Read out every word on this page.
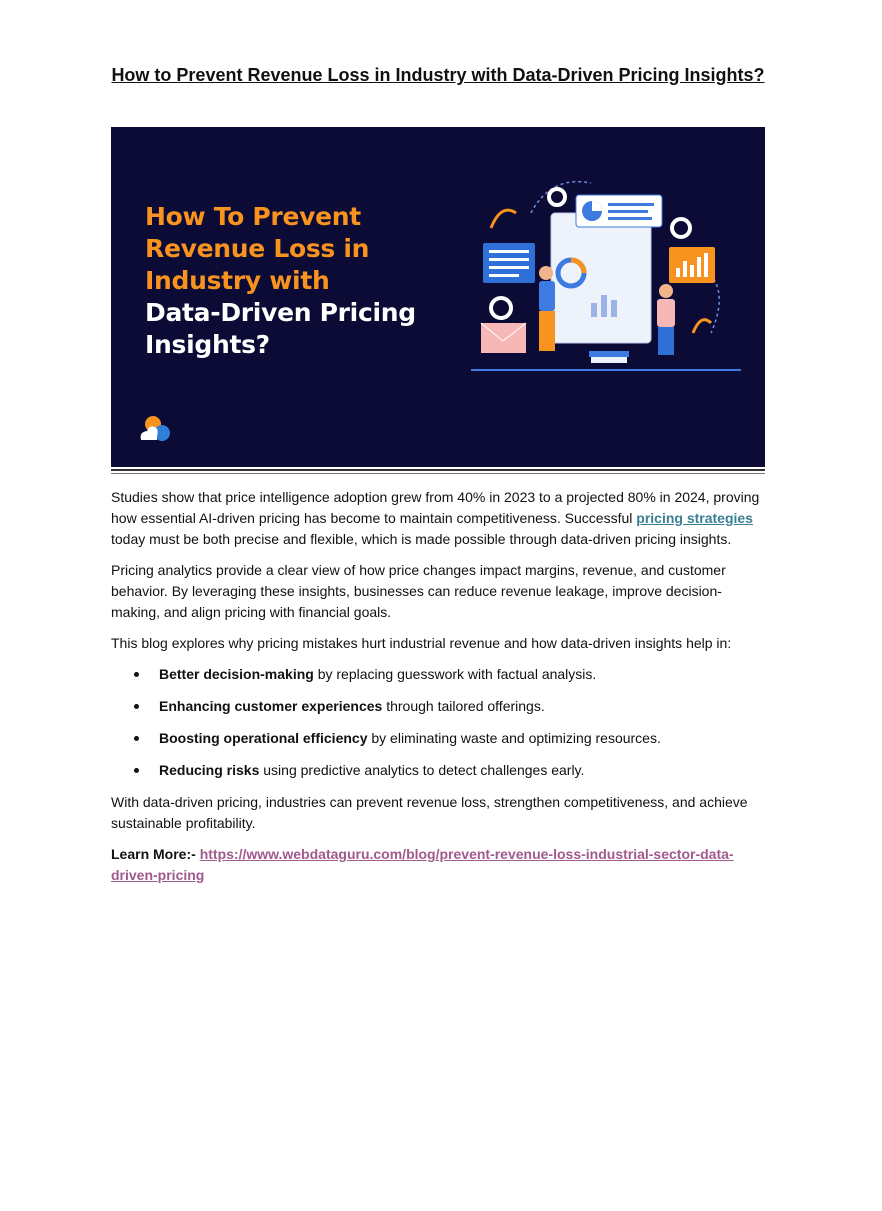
How to Prevent Revenue Loss in Industry with Data-Driven Pricing Insights?
How To Prevent
Revenue Loss in
Industry with
Data-Driven Pricing
Insights?

Studies show that price intelligence adoption grew from 40% in 2023 to a projected 80% in 2024, proving how essential AI-driven pricing has become to maintain competitiveness. Successful pricing strategies today must be both precise and flexible, which is made possible through data-driven pricing insights.

Pricing analytics provide a clear view of how price changes impact margins, revenue, and customer behavior. By leveraging these insights, businesses can reduce revenue leakage, improve decision-making, and align pricing with financial goals.

This blog explores why pricing mistakes hurt industrial revenue and how data-driven insights help in:

Better decision-making by replacing guesswork with factual analysis.
Enhancing customer experiences through tailored offerings.
Boosting operational efficiency by eliminating waste and optimizing resources.
Reducing risks using predictive analytics to detect challenges early.

With data-driven pricing, industries can prevent revenue loss, strengthen competitiveness, and achieve sustainable profitability.

Learn More:- https://www.webdataguru.com/blog/prevent-revenue-loss-industrial-sector-data-driven-pricing
